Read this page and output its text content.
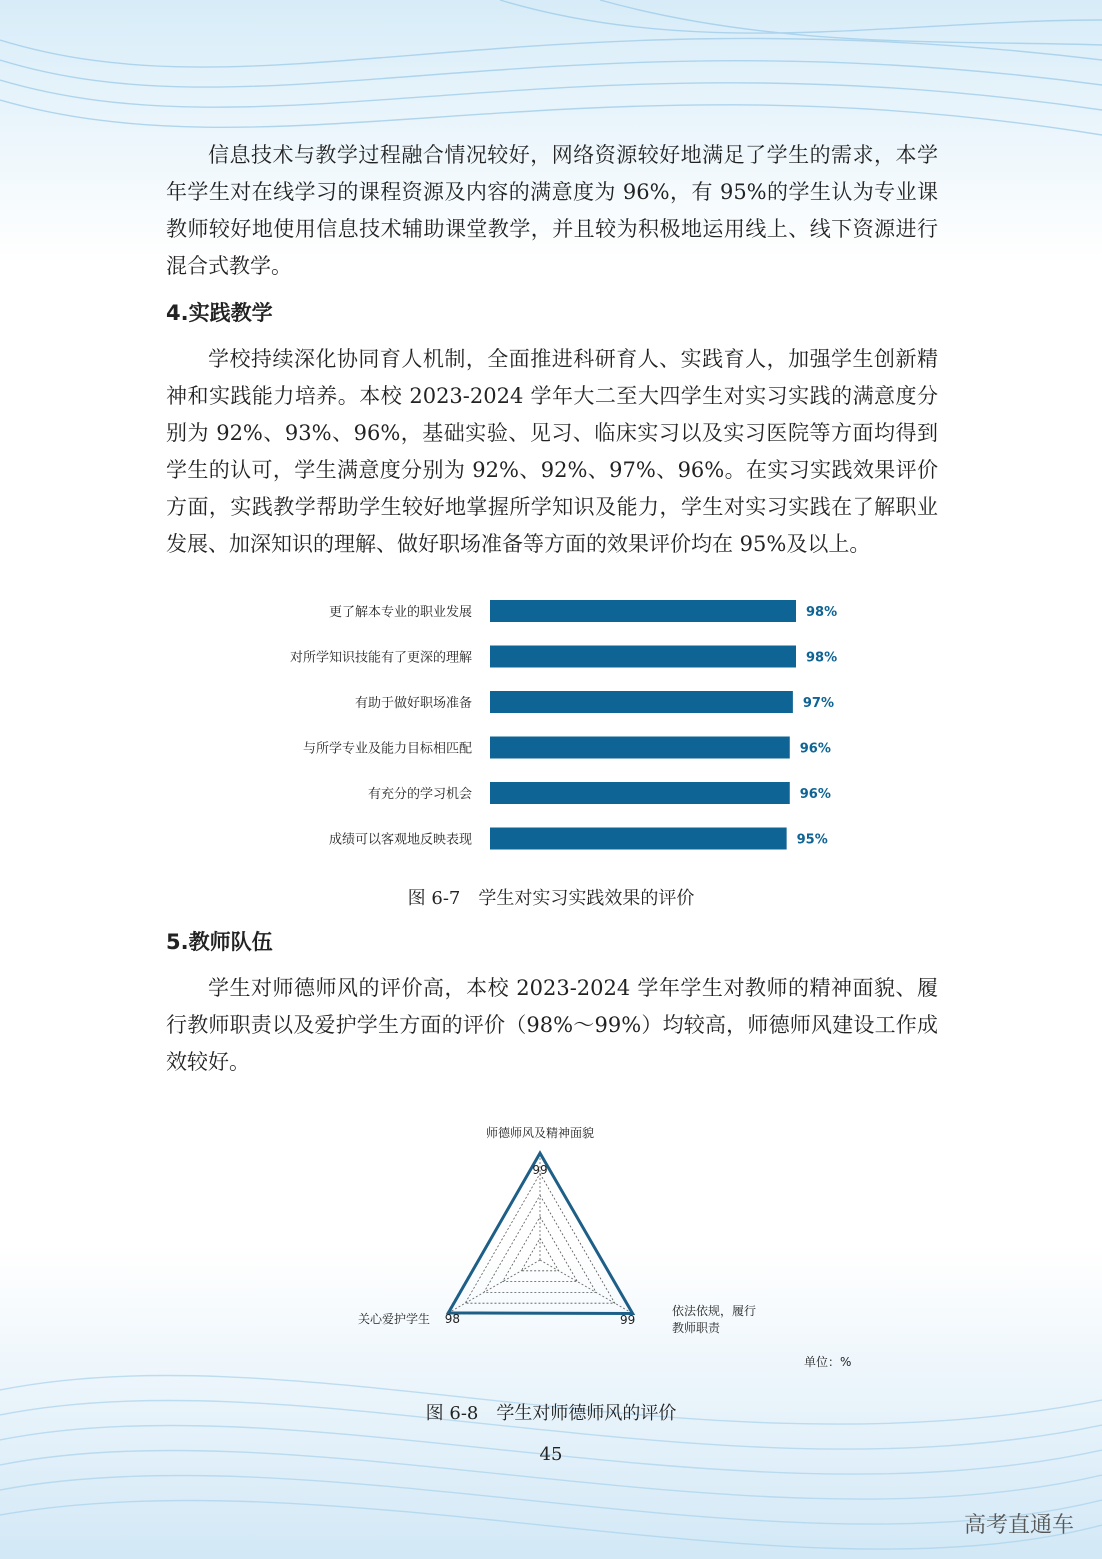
信息技术与教学过程融合情况较好，网络资源较好地满足了学生的需求，本学年学生对在线学习的课程资源及内容的满意度为 96%，有 95%的学生认为专业课教师较好地使用信息技术辅助课堂教学，并且较为积极地运用线上、线下资源进行混合式教学。

4.实践教学

学校持续深化协同育人机制，全面推进科研育人、实践育人，加强学生创新精神和实践能力培养。本校 2023-2024 学年大二至大四学生对实习实践的满意度分别为 92%、93%、96%，基础实验、见习、临床实习以及实习医院等方面均得到学生的认可，学生满意度分别为 92%、92%、97%、96%。在实习实践效果评价方面，实践教学帮助学生较好地掌握所学知识及能力，学生对实习实践在了解职业发展、加深知识的理解、做好职场准备等方面的效果评价均在 95%及以上。

更了解本专业的职业发展	98%
对所学知识技能有了更深的理解	98%
有助于做好职场准备	97%
与所学专业及能力目标相匹配	96%
有充分的学习机会	96%
成绩可以客观地反映表现	95%
图 6-7　学生对实习实践效果的评价
5.教师队伍

学生对师德师风的评价高，本校 2023-2024 学年学生对教师的精神面貌、履行教师职责以及爱护学生方面的评价（98%～99%）均较高，师德师风建设工作成效较好。

师德师风及精神面貌
依法依规，履行教师职责
关心爱护学生
99
99
98
单位：%
图 6-8　学生对师德师风的评价
45
高考直通车
